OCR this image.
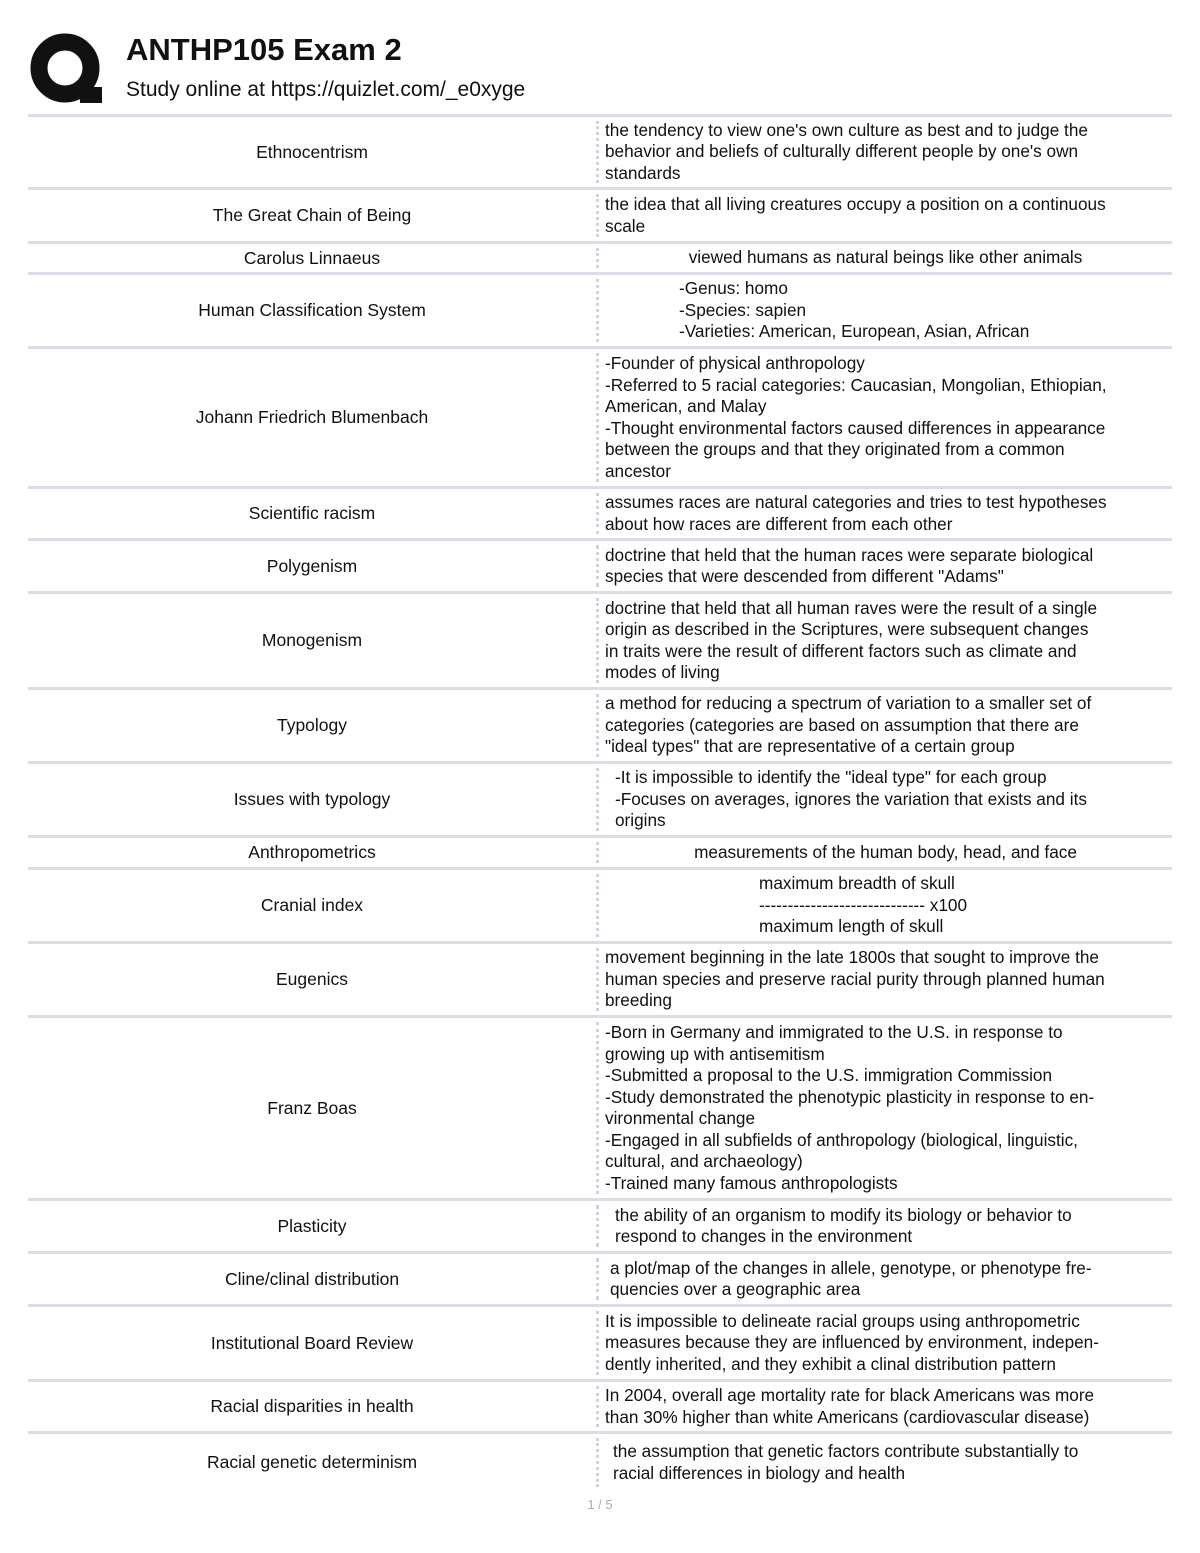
ANTHP105 Exam 2
Study online at https://quizlet.com/_e0xyge
Ethnocentrism
the tendency to view one's own culture as best and to judge the
behavior and beliefs of culturally different people by one's own
standards
The Great Chain of Being
the idea that all living creatures occupy a position on a continuous
scale
Carolus Linnaeus	viewed humans as natural beings like other animals
Human Classification System
-Genus: homo
-Species: sapien
-Varieties: American, European, Asian, African
Johann Friedrich Blumenbach
-Founder of physical anthropology
-Referred to 5 racial categories: Caucasian, Mongolian, Ethiopian,
American, and Malay
-Thought environmental factors caused differences in appearance
between the groups and that they originated from a common
ancestor
Scientific racism
assumes races are natural categories and tries to test hypotheses
about how races are different from each other
Polygenism
doctrine that held that the human races were separate biological
species that were descended from different "Adams"
Monogenism
doctrine that held that all human raves were the result of a single
origin as described in the Scriptures, were subsequent changes
in traits were the result of different factors such as climate and
modes of living
Typology
a method for reducing a spectrum of variation to a smaller set of
categories (categories are based on assumption that there are
"ideal types" that are representative of a certain group
Issues with typology
-It is impossible to identify the "ideal type" for each group
-Focuses on averages, ignores the variation that exists and its
origins
Anthropometrics	measurements of the human body, head, and face
Cranial index
maximum breadth of skull
----------------------------- x100
maximum length of skull
Eugenics
movement beginning in the late 1800s that sought to improve the
human species and preserve racial purity through planned human
breeding
Franz Boas
-Born in Germany and immigrated to the U.S. in response to
growing up with antisemitism
-Submitted a proposal to the U.S. immigration Commission
-Study demonstrated the phenotypic plasticity in response to en-
vironmental change
-Engaged in all subfields of anthropology (biological, linguistic,
cultural, and archaeology)
-Trained many famous anthropologists
Plasticity
the ability of an organism to modify its biology or behavior to
respond to changes in the environment
Cline/clinal distribution
a plot/map of the changes in allele, genotype, or phenotype fre-
quencies over a geographic area
Institutional Board Review
It is impossible to delineate racial groups using anthropometric
measures because they are influenced by environment, indepen-
dently inherited, and they exhibit a clinal distribution pattern
Racial disparities in health
In 2004, overall age mortality rate for black Americans was more
than 30% higher than white Americans (cardiovascular disease)
Racial genetic determinism
the assumption that genetic factors contribute substantially to
racial differences in biology and health
1 / 5
